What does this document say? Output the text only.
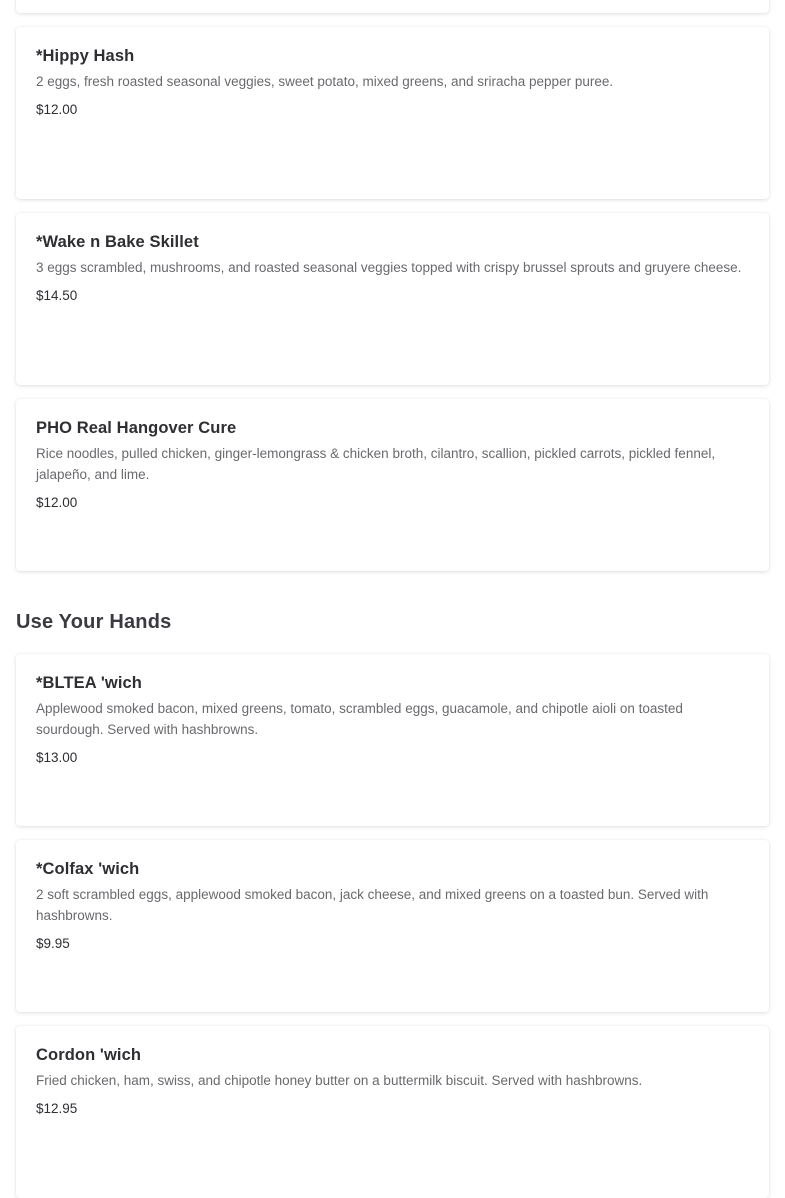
*Hippy Hash
2 eggs, fresh roasted seasonal veggies, sweet potato, mixed greens, and sriracha pepper puree.
$12.00
*Wake n Bake Skillet
3 eggs scrambled, mushrooms, and roasted seasonal veggies topped with crispy brussel sprouts and gruyere cheese.
$14.50
PHO Real Hangover Cure
Rice noodles, pulled chicken, ginger-lemongrass & chicken broth, cilantro, scallion, pickled carrots, pickled fennel, jalapeño, and lime.
$12.00
Use Your Hands
*BLTEA 'wich
Applewood smoked bacon, mixed greens, tomato, scrambled eggs, guacamole, and chipotle aioli on toasted sourdough. Served with hashbrowns.
$13.00
*Colfax 'wich
2 soft scrambled eggs, applewood smoked bacon, jack cheese, and mixed greens on a toasted bun. Served with hashbrowns.
$9.95
Cordon 'wich
Fried chicken, ham, swiss, and chipotle honey butter on a buttermilk biscuit. Served with hashbrowns.
$12.95
